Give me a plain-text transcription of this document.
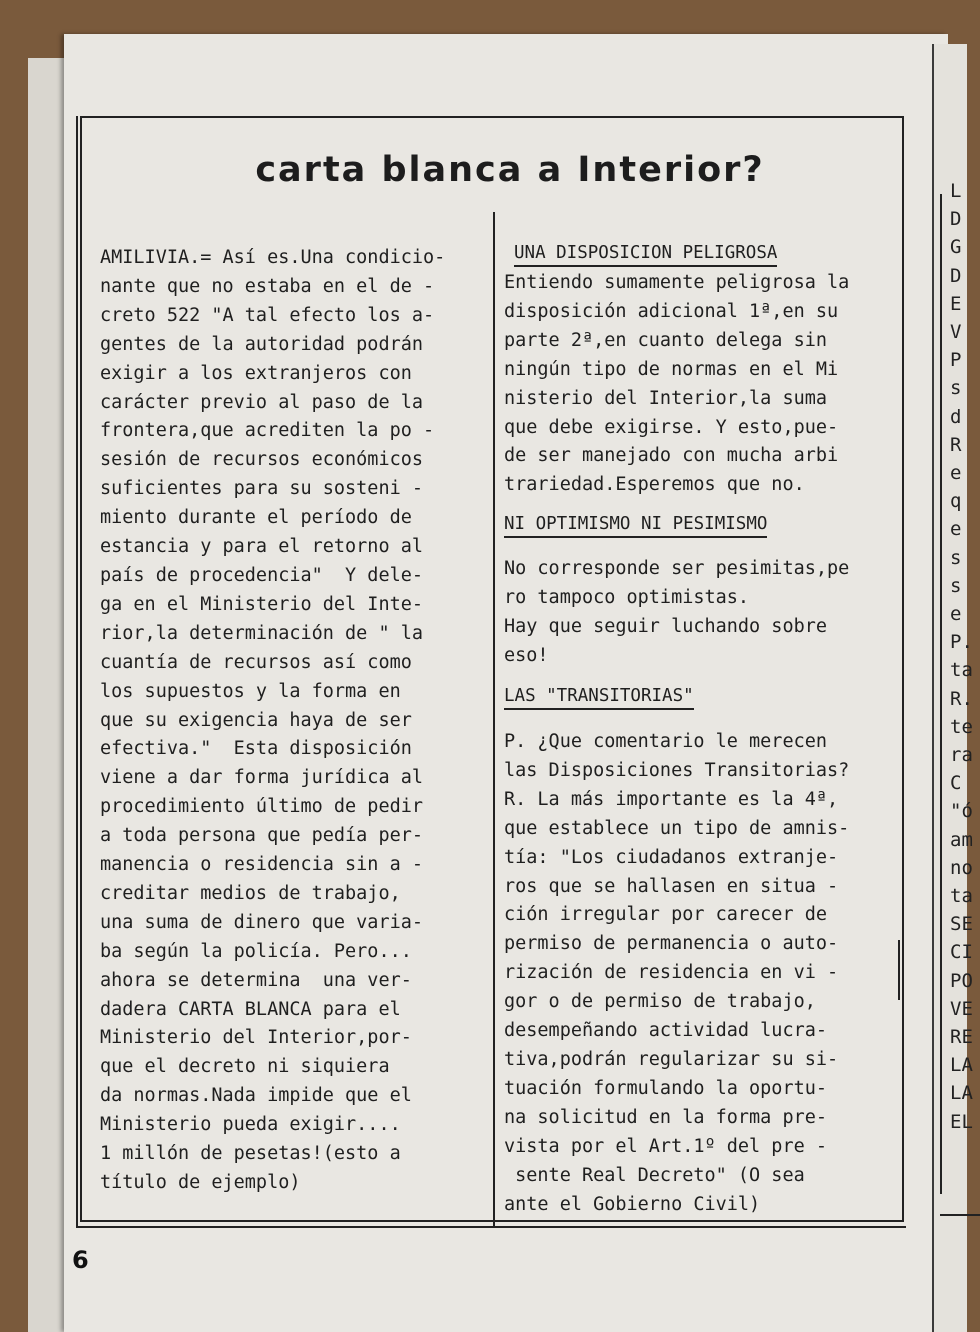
L
D
G
D
E
V
P
s
d
R
e
q
e
s
s
e
P.
ta
R.
te
ra
C
"ó
am
no
ta
SE
CI
PO
VE
RE
LA
LA
EL
carta blanca a Interior?
AMILIVIA.= Así es.Una condicio-
nante que no estaba en el de -
creto 522 "A tal efecto los a-
gentes de la autoridad podrán
exigir a los extranjeros con
carácter previo al paso de la
frontera,que acrediten la po -
sesión de recursos económicos
suficientes para su sosteni -
miento durante el período de
estancia y para el retorno al
país de procedencia"  Y dele-
ga en el Ministerio del Inte-
rior,la determinación de " la
cuantía de recursos así como
los supuestos y la forma en
que su exigencia haya de ser
efectiva."  Esta disposición
viene a dar forma jurídica al
procedimiento último de pedir
a toda persona que pedía per-
manencia o residencia sin a -
creditar medios de trabajo,
una suma de dinero que varia-
ba según la policía. Pero...
ahora se determina  una ver-
dadera CARTA BLANCA para el
Ministerio del Interior,por-
que el decreto ni siquiera
da normas.Nada impide que el
Ministerio pueda exigir....
1 millón de pesetas!(esto a
título de ejemplo)
UNA DISPOSICION PELIGROSA
Entiendo sumamente peligrosa la
disposición adicional 1ª,en su
parte 2ª,en cuanto delega sin
ningún tipo de normas en el Mi
nisterio del Interior,la suma
que debe exigirse. Y esto,pue-
de ser manejado con mucha arbi
trariedad.Esperemos que no.
NI OPTIMISMO NI PESIMISMO
No corresponde ser pesimitas,pe
ro tampoco optimistas.
Hay que seguir luchando sobre
eso!
LAS "TRANSITORIAS"
P. ¿Que comentario le merecen
las Disposiciones Transitorias?
R. La más importante es la 4ª,
que establece un tipo de amnis-
tía: "Los ciudadanos extranje-
ros que se hallasen en situa -
ción irregular por carecer de
permiso de permanencia o auto-
rización de residencia en vi -
gor o de permiso de trabajo,
desempeñando actividad lucra-
tiva,podrán regularizar su si-
tuación formulando la oportu-
na solicitud en la forma pre-
vista por el Art.1º del pre -
sente Real Decreto" (O sea
ante el Gobierno Civil)
6
